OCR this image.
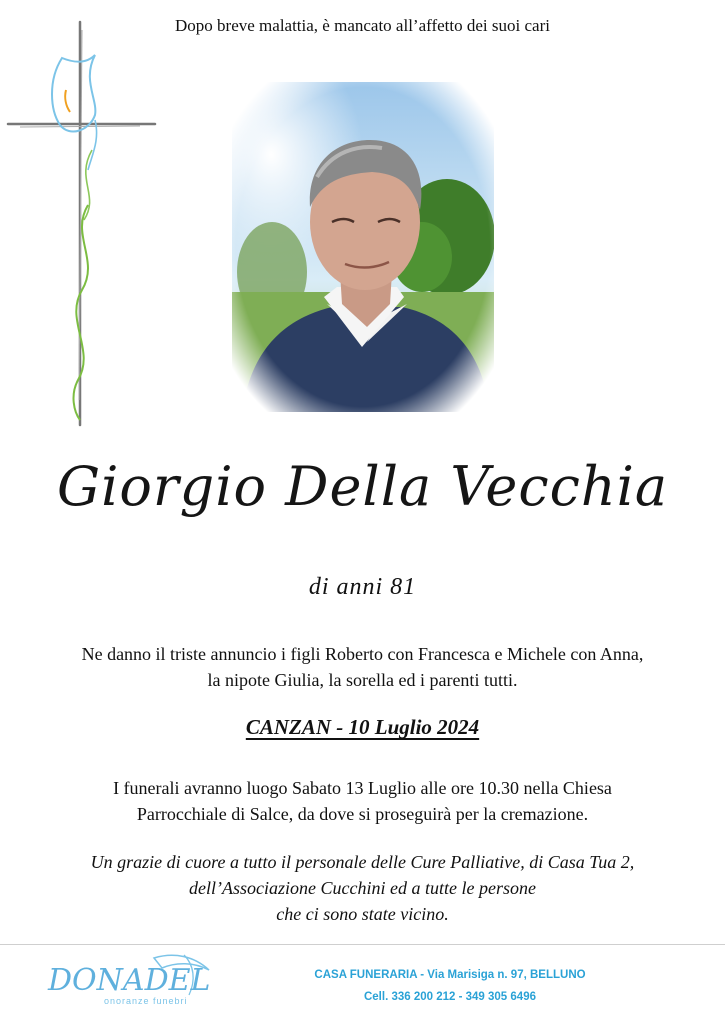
Dopo breve malattia, è mancato all’affetto dei suoi cari
Giorgio Della Vecchia
di anni 81
Ne danno il triste annuncio i figli Roberto con Francesca e Michele con Anna,
la nipote Giulia, la sorella ed i parenti tutti.
CANZAN - 10 Luglio 2024
I funerali avranno luogo Sabato 13 Luglio alle ore 10.30 nella Chiesa
Parrocchiale di Salce, da dove si proseguirà per la cremazione.
Un grazie di cuore a tutto il personale delle Cure Palliative, di Casa Tua 2,
dell’Associazione Cucchini ed a tutte le persone
che ci sono state vicino.
DONADEL
onoranze funebri
CASA FUNERARIA - Via Marisiga n. 97, BELLUNO
Cell. 336 200 212 - 349 305 6496
